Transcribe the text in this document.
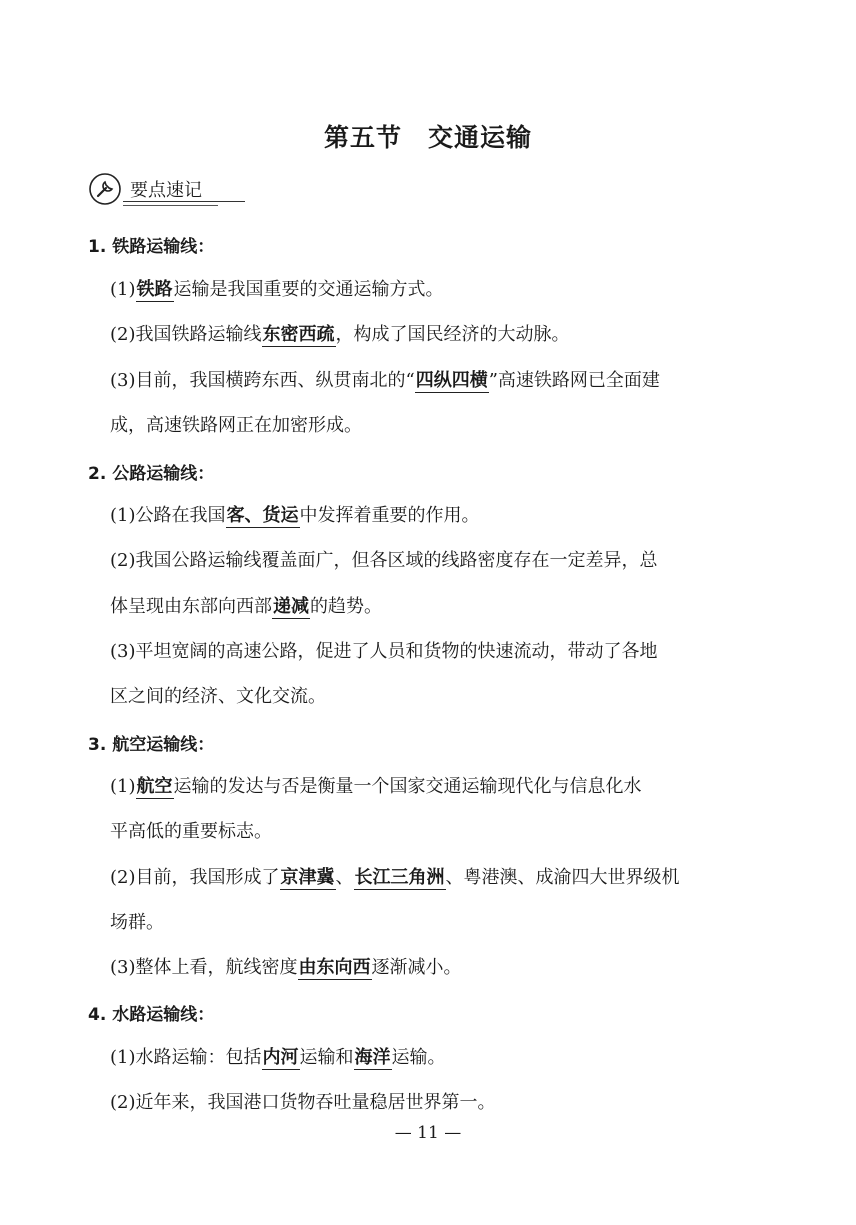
第五节　交通运输
要点速记
1. 铁路运输线：
(1)铁路运输是我国重要的交通运输方式。
(2)我国铁路运输线东密西疏，构成了国民经济的大动脉。
(3)目前，我国横跨东西、纵贯南北的“四纵四横”高速铁路网已全面建
成，高速铁路网正在加密形成。
2. 公路运输线：
(1)公路在我国客、货运中发挥着重要的作用。
(2)我国公路运输线覆盖面广，但各区域的线路密度存在一定差异，总
体呈现由东部向西部递减的趋势。
(3)平坦宽阔的高速公路，促进了人员和货物的快速流动，带动了各地
区之间的经济、文化交流。
3. 航空运输线：
(1)航空运输的发达与否是衡量一个国家交通运输现代化与信息化水
平高低的重要标志。
(2)目前，我国形成了京津冀、长江三角洲、粤港澳、成渝四大世界级机
场群。
(3)整体上看，航线密度由东向西逐渐减小。
4. 水路运输线：
(1)水路运输：包括内河运输和海洋运输。
(2)近年来，我国港口货物吞吐量稳居世界第一。
— 11 —
